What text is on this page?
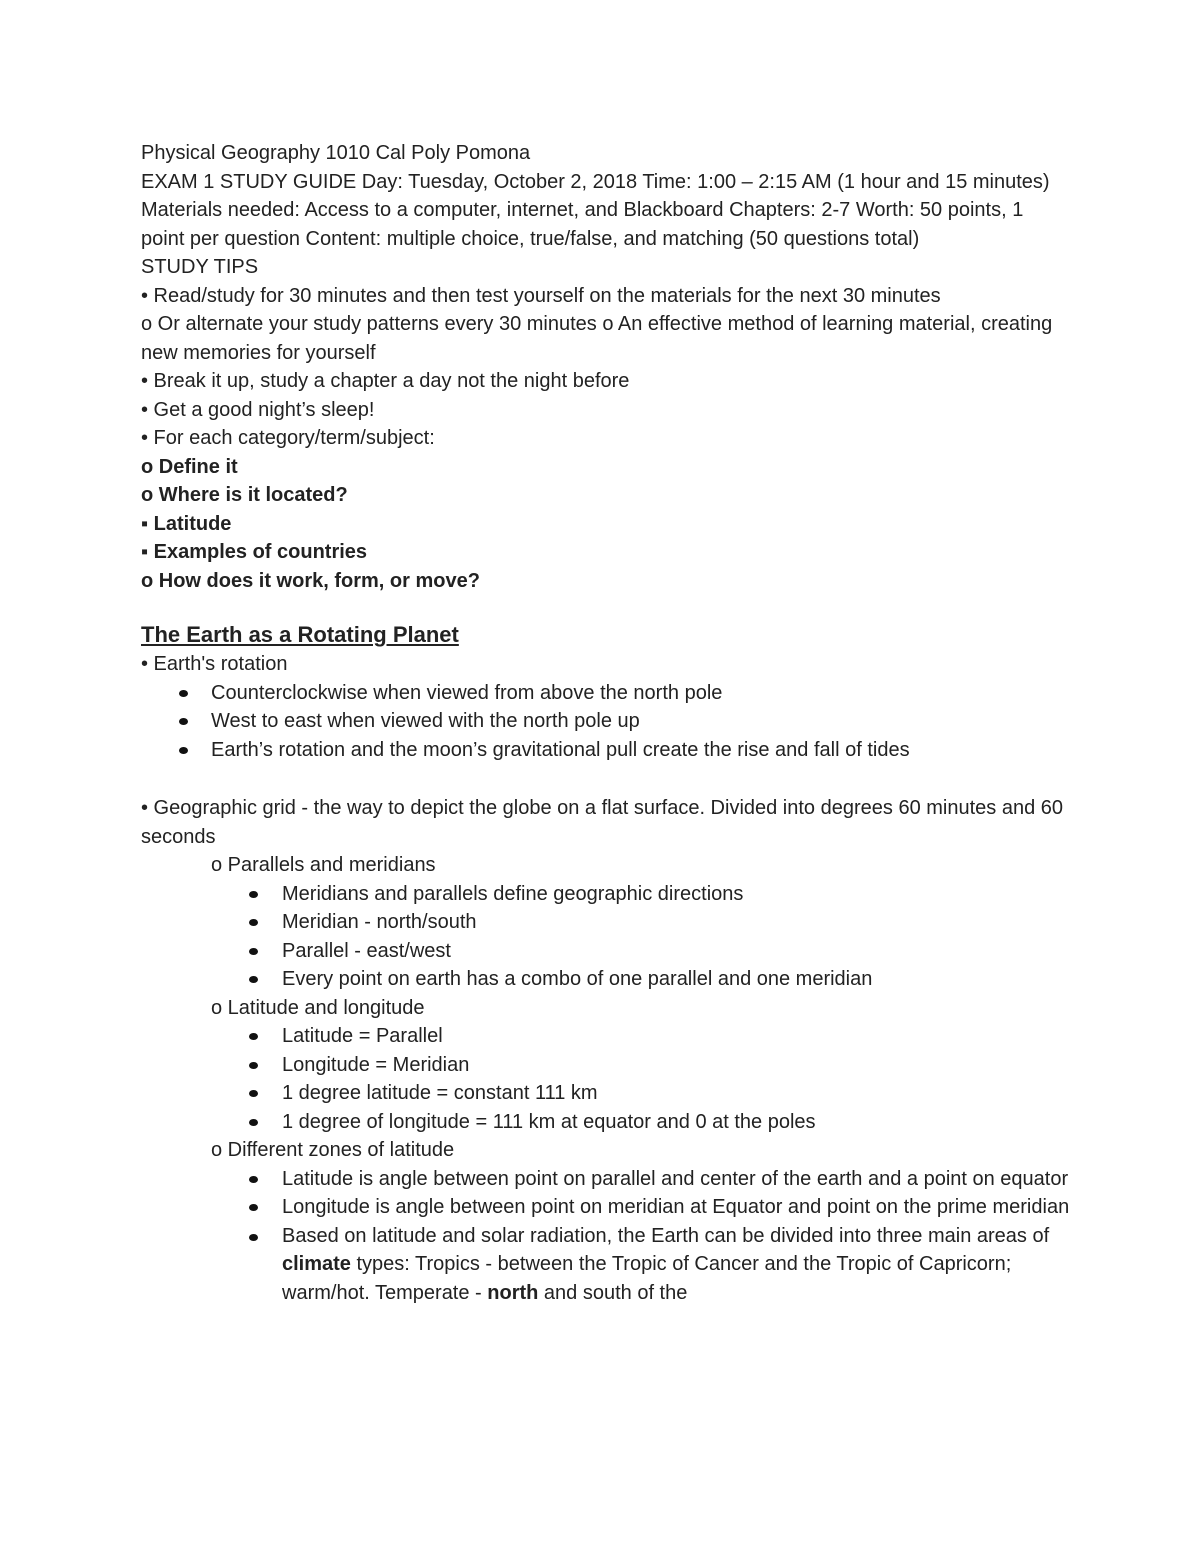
Physical Geography 1010 Cal Poly Pomona

EXAM 1 STUDY GUIDE Day: Tuesday, October 2, 2018 Time: 1:00 – 2:15 AM (1 hour and 15 minutes) Materials needed: Access to a computer, internet, and Blackboard Chapters: 2-7 Worth: 50 points, 1 point per question Content: multiple choice, true/false, and matching (50 questions total)

STUDY TIPS

• Read/study for 30 minutes and then test yourself on the materials for the next 30 minutes

o Or alternate your study patterns every 30 minutes o An effective method of learning material, creating new memories for yourself

• Break it up, study a chapter a day not the night before

• Get a good night’s sleep!

• For each category/term/subject:

o Define it

o Where is it located?

▪ Latitude

▪ Examples of countries

o How does it work, form, or move?

The Earth as a Rotating Planet

• Earth's rotation

Counterclockwise when viewed from above the north pole
West to east when viewed with the north pole up
Earth’s rotation and the moon’s gravitational pull create the rise and fall of tides

• Geographic grid - the way to depict the globe on a flat surface. Divided into degrees 60 minutes and 60 seconds

o Parallels and meridians

Meridians and parallels define geographic directions
Meridian - north/south
Parallel - east/west
Every point on earth has a combo of one parallel and one meridian

o Latitude and longitude

Latitude = Parallel
Longitude = Meridian
1 degree latitude = constant 111 km
1 degree of longitude = 111 km at equator and 0 at the poles

o Different zones of latitude

Latitude is angle between point on parallel and center of the earth and a point on equator
Longitude is angle between point on meridian at Equator and point on the prime meridian
Based on latitude and solar radiation, the Earth can be divided into three main areas of climate types: Tropics - between the Tropic of Cancer and the Tropic of Capricorn; warm/hot. Temperate - north and south of the
